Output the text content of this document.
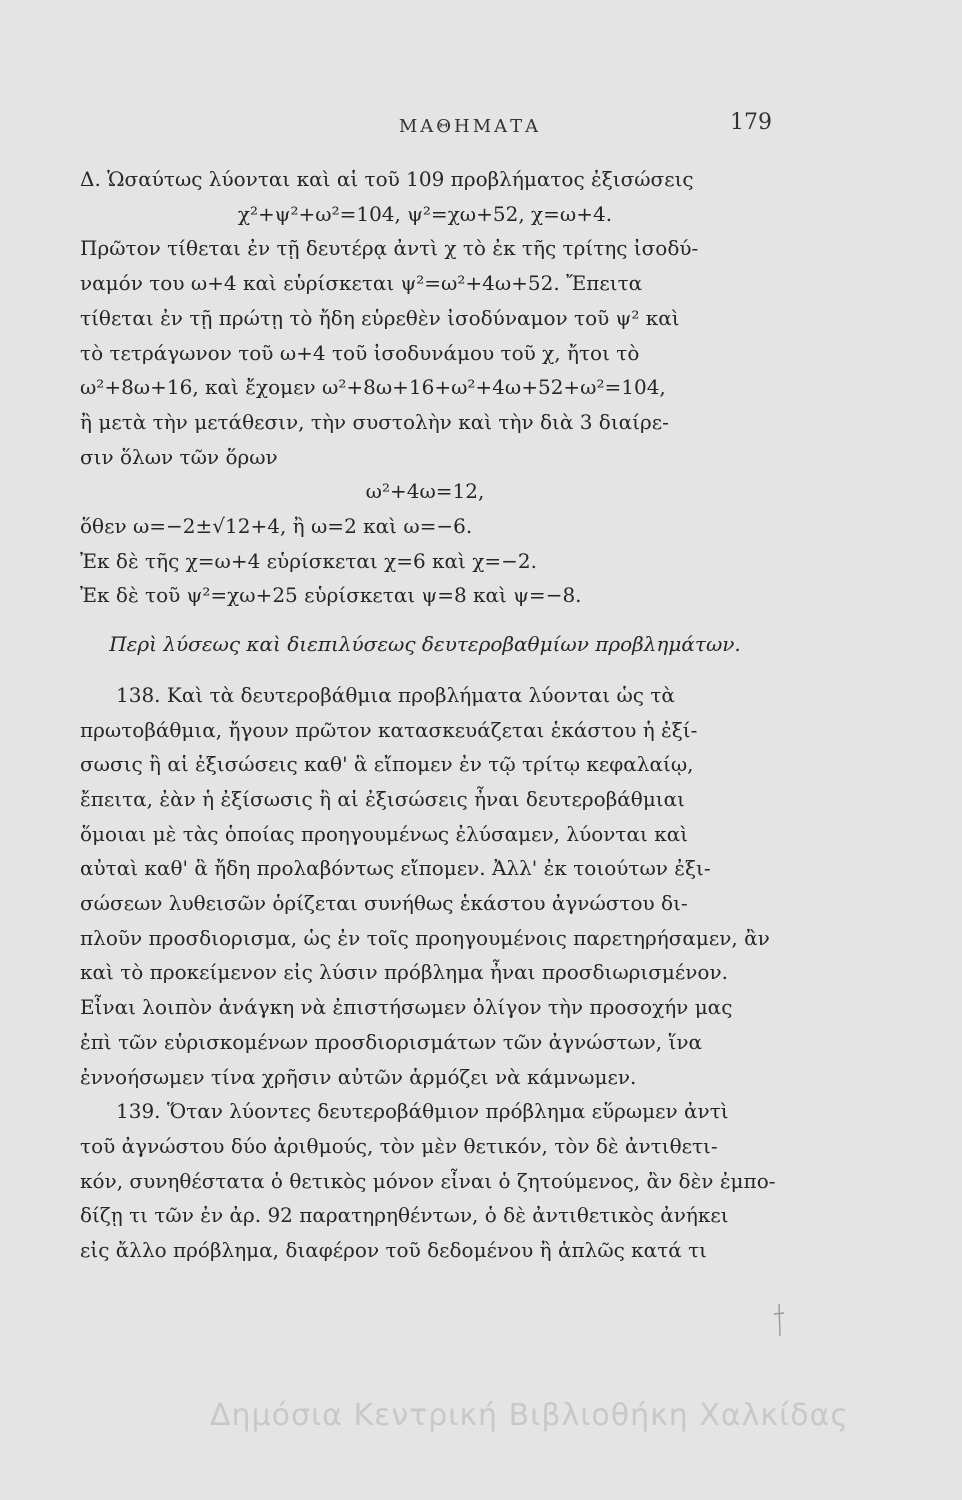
ΜΑΘΗΜΑΤΑ	179
Δ. Ὡσαύτως λύονται καὶ αἱ τοῦ 109 προβλήματος ἐξισώσεις
χ²+ψ²+ω²=104, ψ²=χω+52, χ=ω+4.
Πρῶτον τίθεται ἐν τῇ δευτέρᾳ ἀντὶ χ τὸ ἐκ τῆς τρίτης ἰσοδύ-
ναμόν του ω+4 καὶ εὑρίσκεται ψ²=ω²+4ω+52. Ἔπειτα
τίθεται ἐν τῇ πρώτῃ τὸ ἤδη εὑρεθὲν ἰσοδύναμον τοῦ ψ² καὶ
τὸ τετράγωνον τοῦ ω+4 τοῦ ἰσοδυνάμου τοῦ χ, ἤτοι τὸ
ω²+8ω+16, καὶ ἔχομεν ω²+8ω+16+ω²+4ω+52+ω²=104,
ἢ μετὰ τὴν μετάθεσιν, τὴν συστολὴν καὶ τὴν διὰ 3 διαίρε-
σιν ὅλων τῶν ὅρων
ω²+4ω=12,
ὅθεν ω=−2±√12+4, ἢ ω=2 καὶ ω=−6.
Ἐκ δὲ τῆς χ=ω+4 εὑρίσκεται χ=6 καὶ χ=−2.
Ἐκ δὲ τοῦ ψ²=χω+25 εὑρίσκεται ψ=8 καὶ ψ=−8.
Περὶ λύσεως καὶ διεπιλύσεως δευτεροβαθμίων προβλημάτων.
138. Καὶ τὰ δευτεροβάθμια προβλήματα λύονται ὡς τὰ
πρωτοβάθμια, ἤγουν πρῶτον κατασκευάζεται ἑκάστου ἡ ἐξί-
σωσις ἢ αἱ ἐξισώσεις καθ' ἃ εἴπομεν ἐν τῷ τρίτῳ κεφαλαίῳ,
ἔπειτα, ἐὰν ἡ ἐξίσωσις ἢ αἱ ἐξισώσεις ἦναι δευτεροβάθμιαι
ὅμοιαι μὲ τὰς ὁποίας προηγουμένως ἐλύσαμεν, λύονται καὶ
αὐταὶ καθ' ἃ ἤδη προλαβόντως εἴπομεν. Ἀλλ' ἐκ τοιούτων ἐξι-
σώσεων λυθεισῶν ὁρίζεται συνήθως ἑκάστου ἀγνώστου δι-
πλοῦν προσδιορισμα, ὡς ἐν τοῖς προηγουμένοις παρετηρήσαμεν, ἂν
καὶ τὸ προκείμενον εἰς λύσιν πρόβλημα ἦναι προσδιωρισμένον.
Εἶναι λοιπὸν ἀνάγκη νὰ ἐπιστήσωμεν ὀλίγον τὴν προσοχήν μας
ἐπὶ τῶν εὑρισκομένων προσδιορισμάτων τῶν ἀγνώστων, ἵνα
ἐννοήσωμεν τίνα χρῆσιν αὐτῶν ἁρμόζει νὰ κάμνωμεν.
139. Ὅταν λύοντες δευτεροβάθμιον πρόβλημα εὕρωμεν ἀντὶ
τοῦ ἀγνώστου δύο ἀριθμούς, τὸν μὲν θετικόν, τὸν δὲ ἀντιθετι-
κόν, συνηθέστατα ὁ θετικὸς μόνον εἶναι ὁ ζητούμενος, ἂν δὲν ἐμπο-
δίζῃ τι τῶν ἐν ἀρ. 92 παρατηρηθέντων, ὁ δὲ ἀντιθετικὸς ἀνήκει
εἰς ἄλλο πρόβλημα, διαφέρον τοῦ δεδομένου ἢ ἁπλῶς κατά τι
Δημόσια Κεντρική Βιβλιοθήκη Χαλκίδας
